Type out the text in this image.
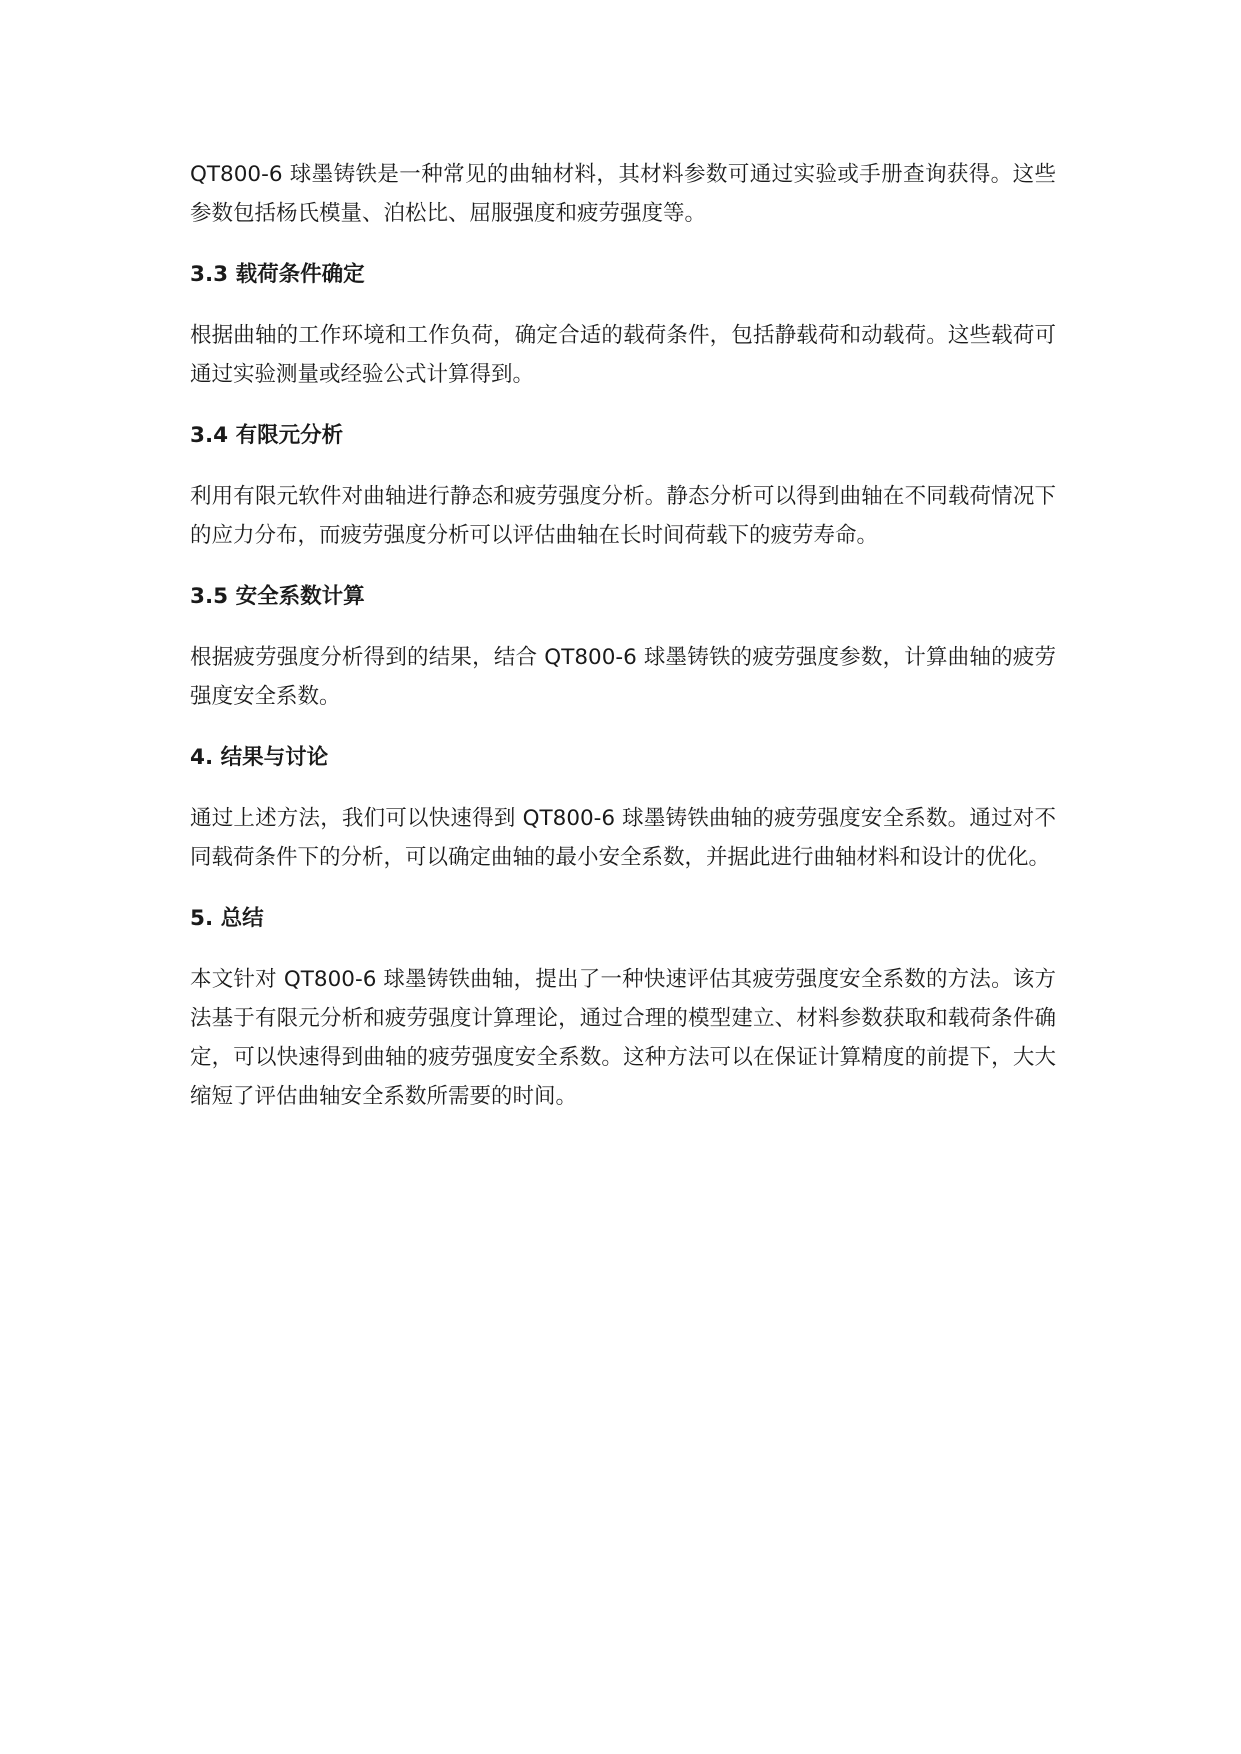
QT800-6 球墨铸铁是一种常见的曲轴材料，其材料参数可通过实验或手册查询获得。这些参数包括杨氏模量、泊松比、屈服强度和疲劳强度等。

3.3 载荷条件确定

根据曲轴的工作环境和工作负荷，确定合适的载荷条件，包括静载荷和动载荷。这些载荷可通过实验测量或经验公式计算得到。

3.4 有限元分析

利用有限元软件对曲轴进行静态和疲劳强度分析。静态分析可以得到曲轴在不同载荷情况下的应力分布，而疲劳强度分析可以评估曲轴在长时间荷载下的疲劳寿命。

3.5 安全系数计算

根据疲劳强度分析得到的结果，结合 QT800-6 球墨铸铁的疲劳强度参数，计算曲轴的疲劳强度安全系数。

4. 结果与讨论

通过上述方法，我们可以快速得到 QT800-6 球墨铸铁曲轴的疲劳强度安全系数。通过对不同载荷条件下的分析，可以确定曲轴的最小安全系数，并据此进行曲轴材料和设计的优化。

5. 总结

本文针对 QT800-6 球墨铸铁曲轴，提出了一种快速评估其疲劳强度安全系数的方法。该方法基于有限元分析和疲劳强度计算理论，通过合理的模型建立、材料参数获取和载荷条件确定，可以快速得到曲轴的疲劳强度安全系数。这种方法可以在保证计算精度的前提下，大大缩短了评估曲轴安全系数所需要的时间。
